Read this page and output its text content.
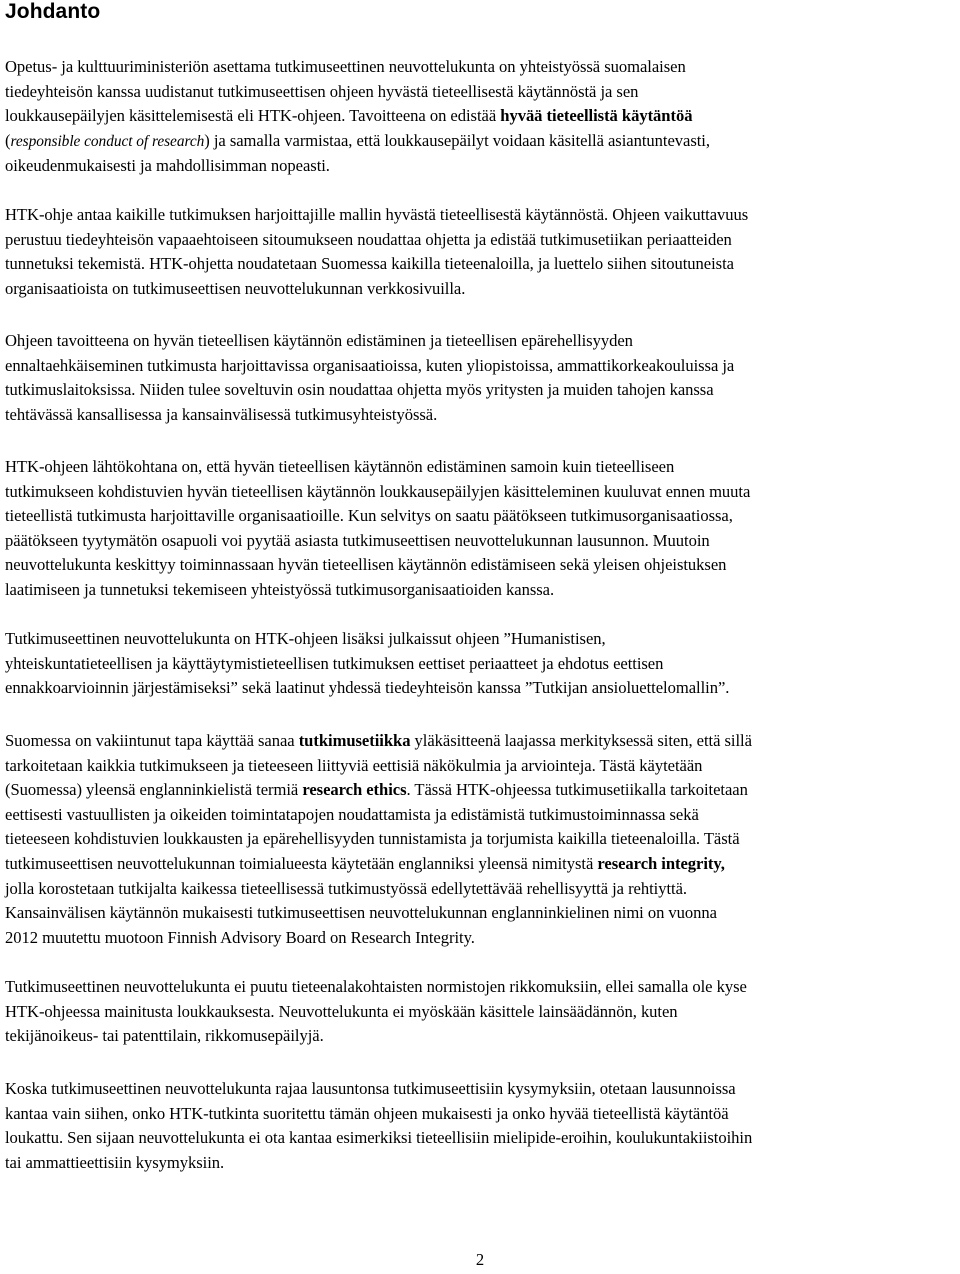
Johdanto
Opetus- ja kulttuuriministeriön asettama tutkimuseettinen neuvottelukunta on yhteistyössä suomalaisen
tiedeyhteisön kanssa uudistanut tutkimuseettisen ohjeen hyvästä tieteellisestä käytännöstä ja sen
loukkausepäilyjen käsittelemisestä eli HTK-ohjeen. Tavoitteena on edistää hyvää tieteellistä käytäntöä
(responsible conduct of research) ja samalla varmistaa, että loukkausepäilyt voidaan käsitellä asiantuntevasti,
oikeudenmukaisesti ja mahdollisimman nopeasti.
HTK-ohje antaa kaikille tutkimuksen harjoittajille mallin hyvästä tieteellisestä käytännöstä. Ohjeen vaikuttavuus
perustuu tiedeyhteisön vapaaehtoiseen sitoumukseen noudattaa ohjetta ja edistää tutkimusetiikan periaatteiden
tunnetuksi tekemistä. HTK-ohjetta noudatetaan Suomessa kaikilla tieteenaloilla, ja luettelo siihen sitoutuneista
organisaatioista on tutkimuseettisen neuvottelukunnan verkkosivuilla.
Ohjeen tavoitteena on hyvän tieteellisen käytännön edistäminen ja tieteellisen epärehellisyyden
ennaltaehkäiseminen tutkimusta harjoittavissa organisaatioissa, kuten yliopistoissa, ammattikorkeakouluissa ja
tutkimuslaitoksissa. Niiden tulee soveltuvin osin noudattaa ohjetta myös yritysten ja muiden tahojen kanssa
tehtävässä kansallisessa ja kansainvälisessä tutkimusyhteistyössä.
HTK-ohjeen lähtökohtana on, että hyvän tieteellisen käytännön edistäminen samoin kuin tieteelliseen
tutkimukseen kohdistuvien hyvän tieteellisen käytännön loukkausepäilyjen käsitteleminen kuuluvat ennen muuta
tieteellistä tutkimusta harjoittaville organisaatioille. Kun selvitys on saatu päätökseen tutkimusorganisaatiossa,
päätökseen tyytymätön osapuoli voi pyytää asiasta tutkimuseettisen neuvottelukunnan lausunnon. Muutoin
neuvottelukunta keskittyy toiminnassaan hyvän tieteellisen käytännön edistämiseen sekä yleisen ohjeistuksen
laatimiseen ja tunnetuksi tekemiseen yhteistyössä tutkimusorganisaatioiden kanssa.
Tutkimuseettinen neuvottelukunta on HTK-ohjeen lisäksi julkaissut ohjeen ”Humanistisen,
yhteiskuntatieteellisen ja käyttäytymistieteellisen tutkimuksen eettiset periaatteet ja ehdotus eettisen
ennakkoarvioinnin järjestämiseksi” sekä laatinut yhdessä tiedeyhteisön kanssa ”Tutkijan ansioluettelomallin”.
Suomessa on vakiintunut tapa käyttää sanaa tutkimusetiikka yläkäsitteenä laajassa merkityksessä siten, että sillä
tarkoitetaan kaikkia tutkimukseen ja tieteeseen liittyviä eettisiä näkökulmia ja arviointeja. Tästä käytetään
(Suomessa) yleensä englanninkielistä termiä research ethics. Tässä HTK-ohjeessa tutkimusetiikalla tarkoitetaan
eettisesti vastuullisten ja oikeiden toimintatapojen noudattamista ja edistämistä tutkimustoiminnassa sekä
tieteeseen kohdistuvien loukkausten ja epärehellisyyden tunnistamista ja torjumista kaikilla tieteenaloilla. Tästä
tutkimuseettisen neuvottelukunnan toimialueesta käytetään englanniksi yleensä nimitystä research integrity,
jolla korostetaan tutkijalta kaikessa tieteellisessä tutkimustyössä edellytettävää rehellisyyttä ja rehtiyttä.
Kansainvälisen käytännön mukaisesti tutkimuseettisen neuvottelukunnan englanninkielinen nimi on vuonna
2012 muutettu muotoon Finnish Advisory Board on Research Integrity.
Tutkimuseettinen neuvottelukunta ei puutu tieteenalakohtaisten normistojen rikkomuksiin, ellei samalla ole kyse
HTK-ohjeessa mainitusta loukkauksesta. Neuvottelukunta ei myöskään käsittele lainsäädännön, kuten
tekijänoikeus- tai patenttilain, rikkomusepäilyjä.
Koska tutkimuseettinen neuvottelukunta rajaa lausuntonsa tutkimuseettisiin kysymyksiin, otetaan lausunnoissa
kantaa vain siihen, onko HTK-tutkinta suoritettu tämän ohjeen mukaisesti ja onko hyvää tieteellistä käytäntöä
loukattu. Sen sijaan neuvottelukunta ei ota kantaa esimerkiksi tieteellisiin mielipide-eroihin, koulukuntakiistoihin
tai ammattieettisiin kysymyksiin.
2
